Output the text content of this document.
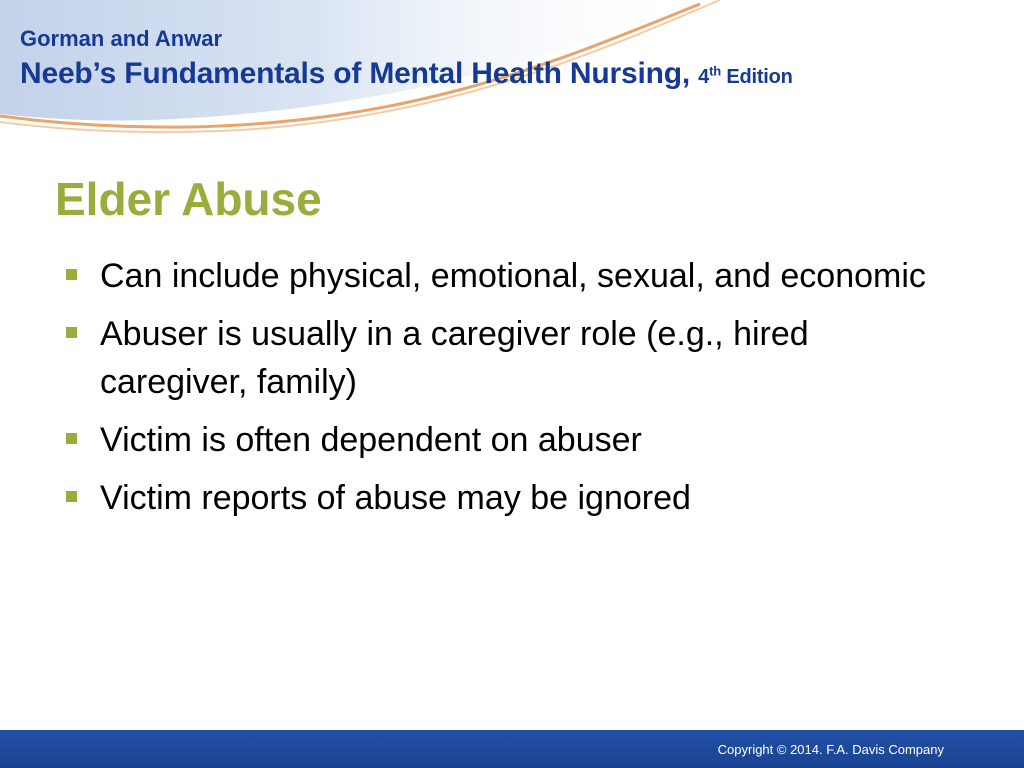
Gorman and Anwar

Neeb’s Fundamentals of Mental Health Nursing, 4th Edition

Elder Abuse
Can include physical, emotional, sexual, and economic
Abuser is usually in a caregiver role (e.g., hired caregiver, family)
Victim is often dependent on abuser
Victim reports of abuse may be ignored
Copyright © 2014. F.A. Davis Company
